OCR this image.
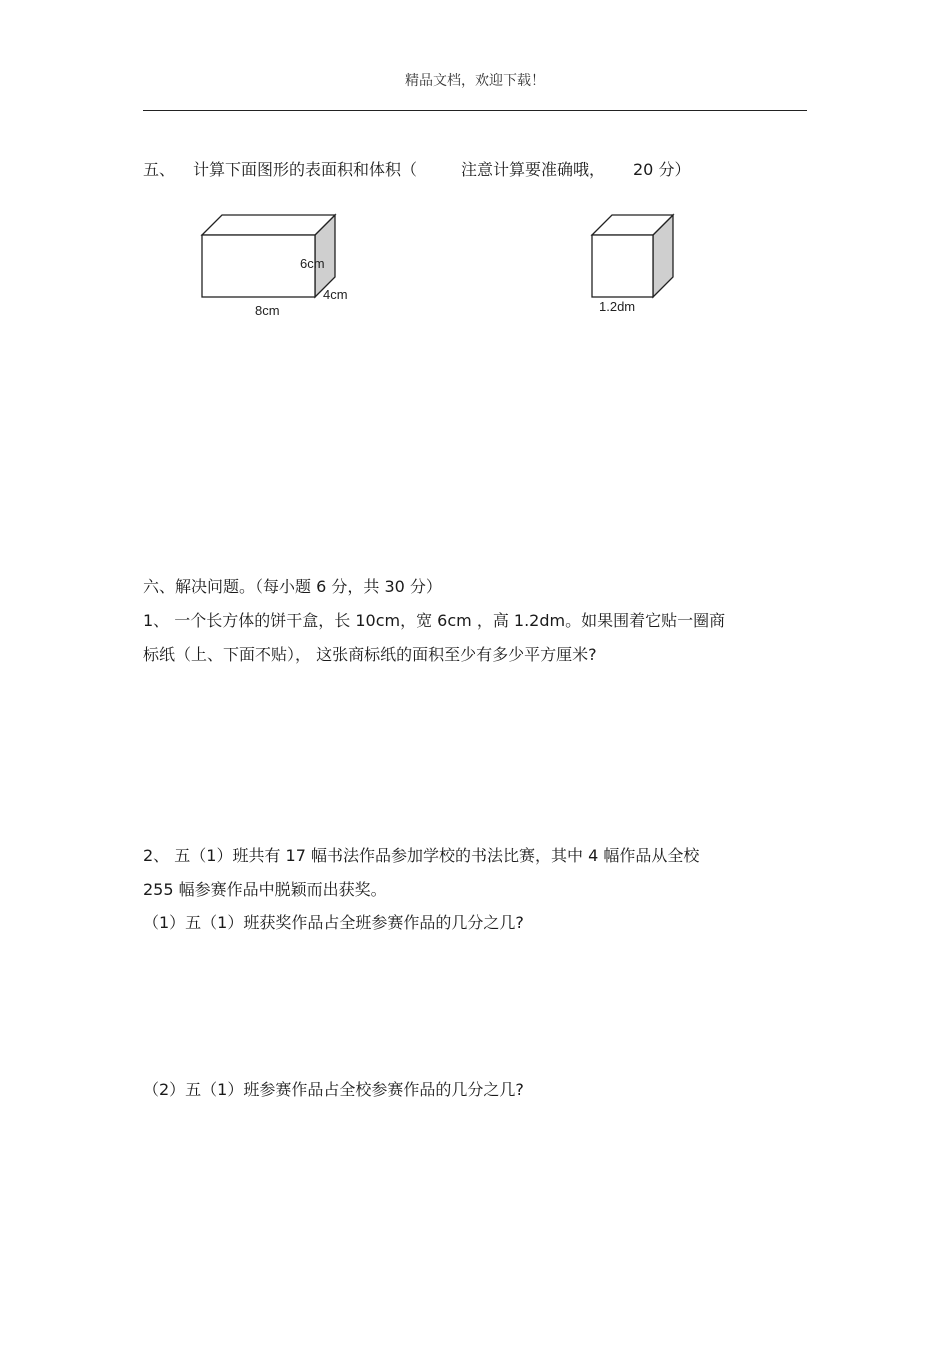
精品文档，欢迎下载！
五、 计算下面图形的表面积和体积（	注意计算要准确哦， 20 分）
6cm
4cm
8cm	1.2dm
六、解决问题。（每小题 6 分，共 30 分）
1、 一个长方体的饼干盒，长 10cm，宽 6cm ，高 1.2dm。如果围着它贴一圈商
标纸（上、下面不贴）， 这张商标纸的面积至少有多少平方厘米?
2、 五（1）班共有 17 幅书法作品参加学校的书法比赛，其中 4 幅作品从全校
255 幅参赛作品中脱颖而出获奖。
（1）五（1）班获奖作品占全班参赛作品的几分之几?
（2）五（1）班参赛作品占全校参赛作品的几分之几?
